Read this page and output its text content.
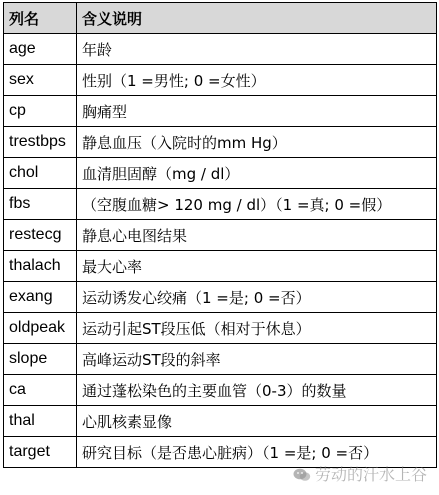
列名	含义说明
age	年龄
sex	性别（1 =男性; 0 =女性）
cp	胸痛型
trestbps	静息血压（入院时的mm Hg）
chol	血清胆固醇（mg / dl）
fbs	（空腹血糖> 120 mg / dl）（1 =真; 0 =假）
restecg	静息心电图结果
thalach	最大心率
exang	运动诱发心绞痛（1 =是; 0 =否）
oldpeak	运动引起ST段压低（相对于休息）
slope	高峰运动ST段的斜率
ca	通过蓬松染色的主要血管（0-3）的数量
thal	心肌核素显像
target	研究目标（是否患心脏病）（1 =是; 0 =否）
劳动的汗水上谷
